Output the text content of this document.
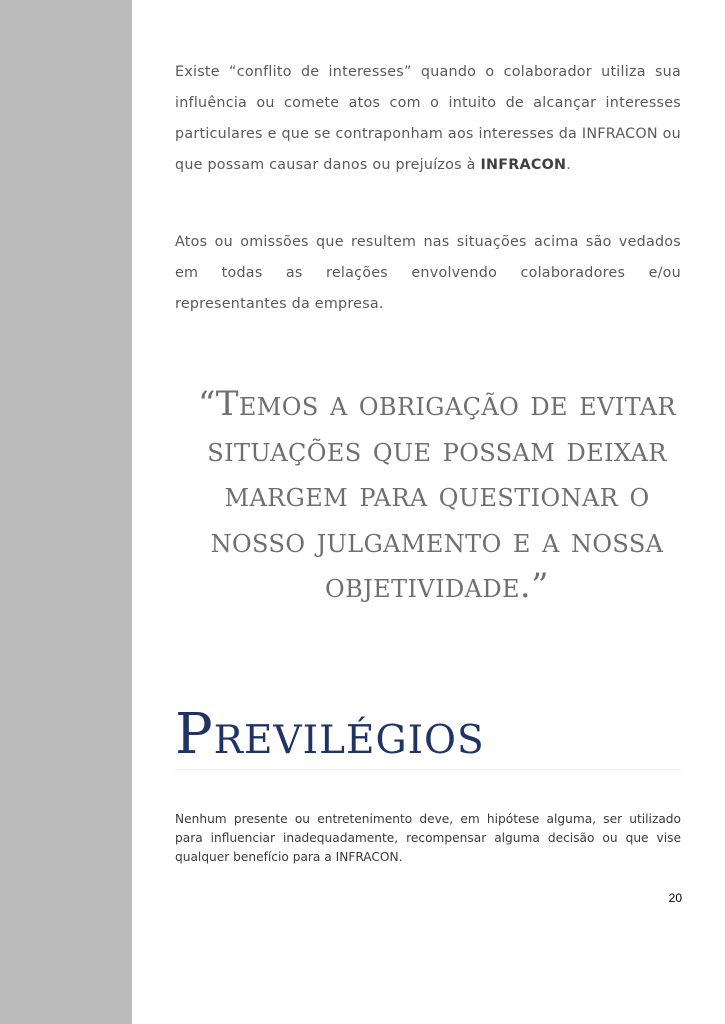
Existe “conflito de interesses” quando o colaborador utiliza sua influência ou comete atos com o intuito de alcançar interesses particulares e que se contraponham aos interesses da INFRACON ou que possam causar danos ou prejuízos à INFRACON.

Atos ou omissões que resultem nas situações acima são vedados em todas as relações envolvendo colaboradores e/ou representantes da empresa.

“Temos a obrigação de evitar situações que possam deixar margem para questionar o nosso julgamento e a nossa objetividade.”

Previlégios

Nenhum presente ou entretenimento deve, em hipótese alguma, ser utilizado para influenciar inadequadamente, recompensar alguma decisão ou que vise qualquer benefício para a INFRACON.

20
